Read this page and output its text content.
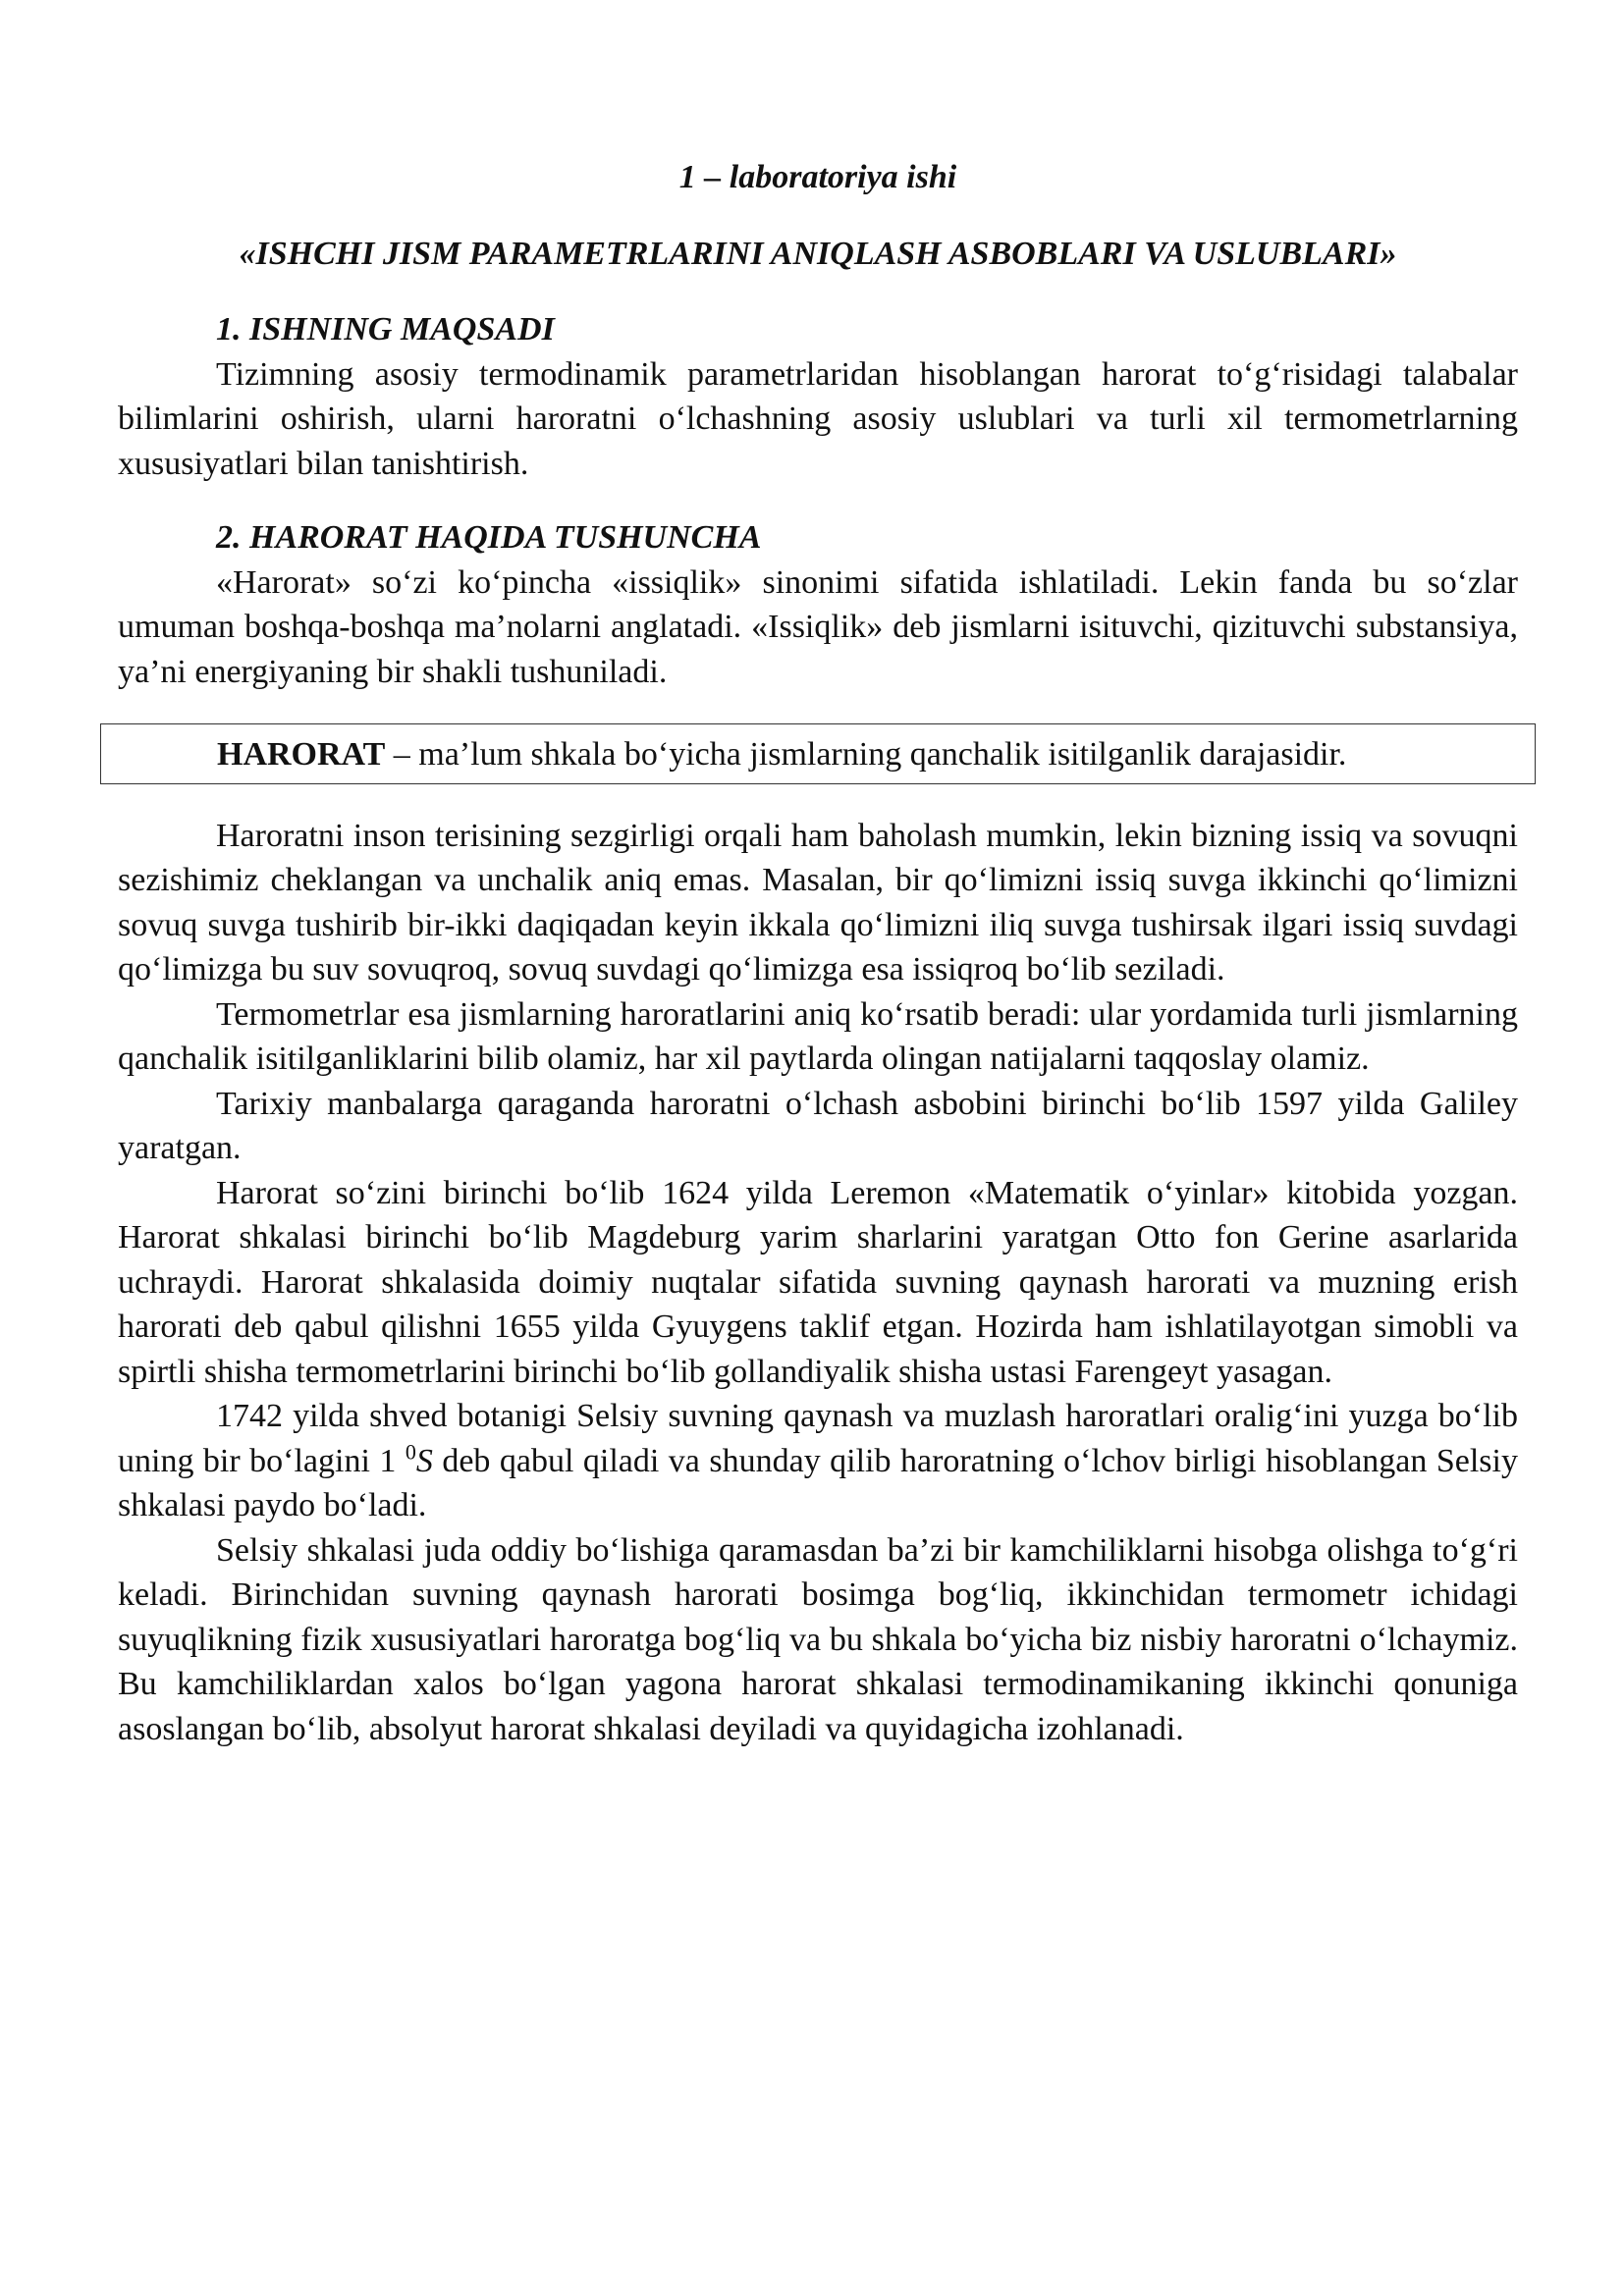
1 – laboratoriya ishi

«ISHCHI JISM PARAMETRLARINI ANIQLASH ASBOBLARI VA USLUBLARI»

1. ISHNING MAQSADI

Tizimning asosiy termodinamik parametrlaridan hisoblangan harorat to‘g‘risidagi talabalar bilimlarini oshirish, ularni haroratni o‘lchashning asosiy uslublari va turli xil termometrlarning xususiyatlari bilan tanishtirish.

2. HARORAT HAQIDA TUSHUNCHA

«Harorat» so‘zi ko‘pincha «issiqlik» sinonimi sifatida ishlatiladi. Lekin fanda bu so‘zlar umuman boshqa-boshqa ma’nolarni anglatadi. «Issiqlik» deb jismlarni isituvchi, qizituvchi substansiya, ya’ni energiyaning bir shakli tushuniladi.

HARORAT – ma’lum shkala bo‘yicha jismlarning qanchalik isitilganlik darajasidir.

Haroratni inson terisining sezgirligi orqali ham baholash mumkin, lekin bizning issiq va sovuqni sezishimiz cheklangan va unchalik aniq emas. Masalan, bir qo‘limizni issiq suvga ikkinchi qo‘limizni sovuq suvga tushirib bir-ikki daqiqadan keyin ikkala qo‘limizni iliq suvga tushirsak ilgari issiq suvdagi qo‘limizga bu suv sovuqroq, sovuq suvdagi qo‘limizga esa issiqroq bo‘lib seziladi.

Termometrlar esa jismlarning haroratlarini aniq ko‘rsatib beradi: ular yordamida turli jismlarning qanchalik isitilganliklarini bilib olamiz, har xil paytlarda olingan natijalarni taqqoslay olamiz.

Tarixiy manbalarga qaraganda haroratni o‘lchash asbobini birinchi bo‘lib 1597 yilda Galiley yaratgan.

Harorat so‘zini birinchi bo‘lib 1624 yilda Leremon «Matematik o‘yinlar» kitobida yozgan. Harorat shkalasi birinchi bo‘lib Magdeburg yarim sharlarini yaratgan Otto fon Gerine asarlarida uchraydi. Harorat shkalasida doimiy nuqtalar sifatida suvning qaynash harorati va muzning erish harorati deb qabul qilishni 1655 yilda Gyuygens taklif etgan. Hozirda ham ishlatilayotgan simobli va spirtli shisha termometrlarini birinchi bo‘lib gollandiyalik shisha ustasi Farengeyt yasagan.

1742 yilda shved botanigi Selsiy suvning qaynash va muzlash haroratlari oralig‘ini yuzga bo‘lib uning bir bo‘lagini 1 $^0$S deb qabul qiladi va shunday qilib haroratning o‘lchov birligi hisoblangan Selsiy shkalasi paydo bo‘ladi.

Selsiy shkalasi juda oddiy bo‘lishiga qaramasdan ba’zi bir kamchiliklarni hisobga olishga to‘g‘ri keladi. Birinchidan suvning qaynash harorati bosimga bog‘liq, ikkinchidan termometr ichidagi suyuqlikning fizik xususiyatlari haroratga bog‘liq va bu shkala bo‘yicha biz nisbiy haroratni o‘lchaymiz. Bu kamchiliklardan xalos bo‘lgan yagona harorat shkalasi termodinamikaning ikkinchi qonuniga asoslangan bo‘lib, absolyut harorat shkalasi deyiladi va quyidagicha izohlanadi.
